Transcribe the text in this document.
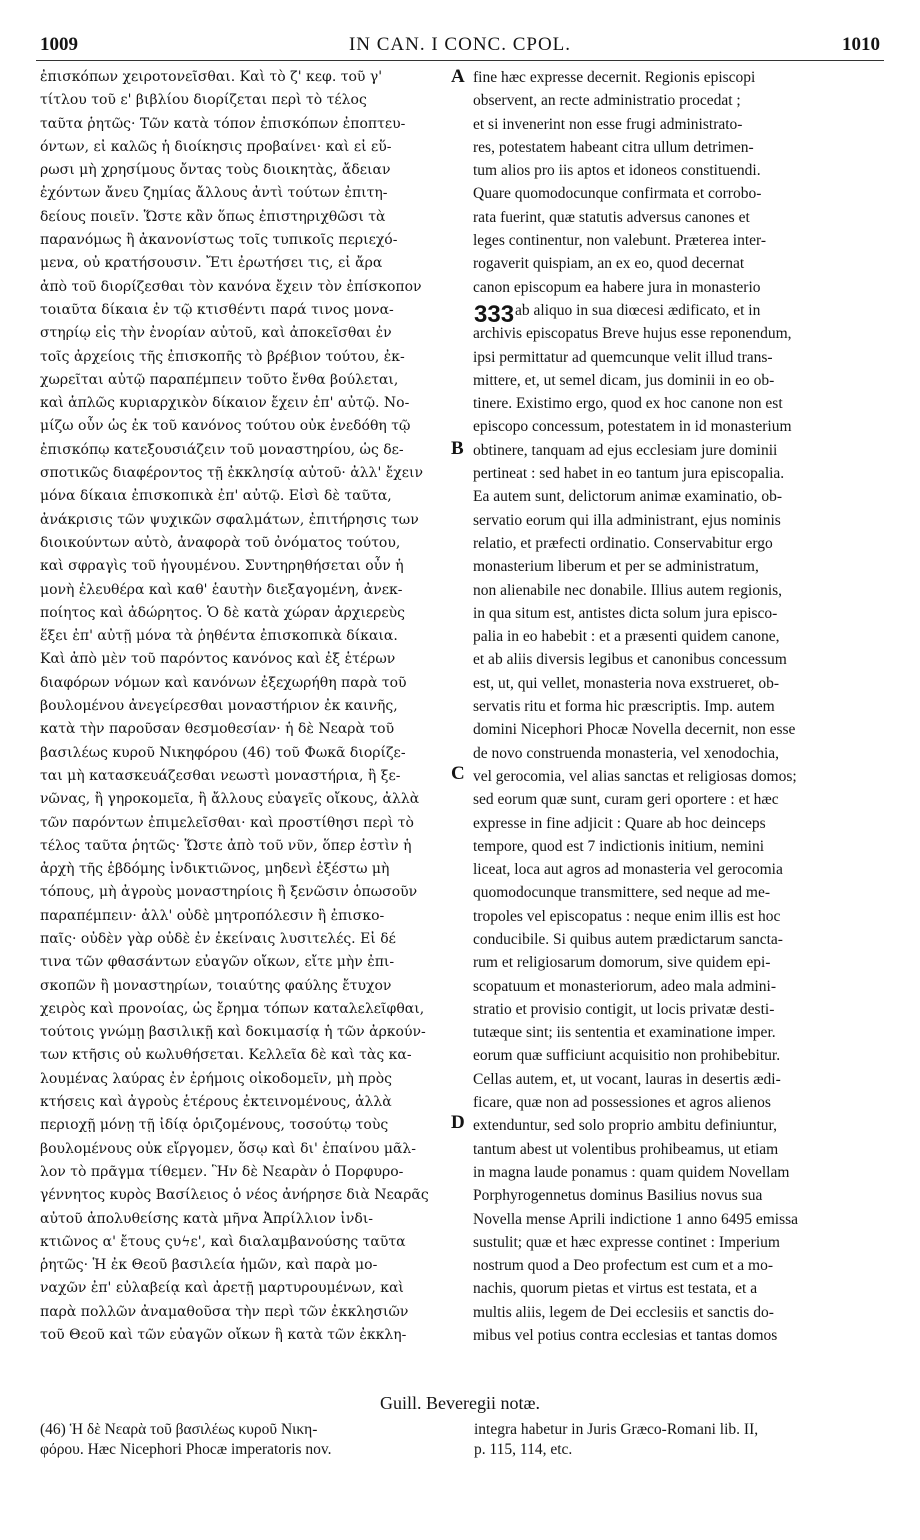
1009	IN CAN. I CONC. CPOL.	1010
ἐπισκόπων χειροτονεῖσθαι. Καὶ τὸ ζ' κεφ. τοῦ γ'
τίτλου τοῦ ε' βιβλίου διορίζεται περὶ τὸ τέλος
ταῦτα ῥητῶς· Τῶν κατὰ τόπον ἐπισκόπων ἐποπτευ-
όντων, εἰ καλῶς ἡ διοίκησις προβαίνει· καὶ εἰ εὕ-
ρωσι μὴ χρησίμους ὄντας τοὺς διοικητὰς, ἄδειαν
ἐχόντων ἄνευ ζημίας ἄλλους ἀντὶ τούτων ἐπιτη-
δείους ποιεῖν. Ὥστε κἂν ὅπως ἐπιστηριχθῶσι τὰ
παρανόμως ἢ ἀκανονίστως τοῖς τυπικοῖς περιεχό-
μενα, οὐ κρατήσουσιν. Ἔτι ἐρωτήσει τις, εἰ ἄρα
ἀπὸ τοῦ διορίζεσθαι τὸν κανόνα ἔχειν τὸν ἐπίσκοπον
τοιαῦτα δίκαια ἐν τῷ κτισθέντι παρά τινος μονα-
στηρίῳ εἰς τὴν ἐνορίαν αὐτοῦ, καὶ ἀποκεῖσθαι ἐν
τοῖς ἀρχείοις τῆς ἐπισκοπῆς τὸ βρέβιον τούτου, ἐκ-
χωρεῖται αὐτῷ παραπέμπειν τοῦτο ἔνθα βούλεται,
καὶ ἁπλῶς κυριαρχικὸν δίκαιον ἔχειν ἐπ' αὐτῷ. Νο-
μίζω οὖν ὡς ἐκ τοῦ κανόνος τούτου οὐκ ἐνεδόθη τῷ
ἐπισκόπῳ κατεξουσιάζειν τοῦ μοναστηρίου, ὡς δε-
σποτικῶς διαφέροντος τῇ ἐκκλησίᾳ αὐτοῦ· ἀλλ' ἔχειν
μόνα δίκαια ἐπισκοπικὰ ἐπ' αὐτῷ. Εἰσὶ δὲ ταῦτα,
ἀνάκρισις τῶν ψυχικῶν σφαλμάτων, ἐπιτήρησις των
διοικούντων αὐτὸ, ἀναφορὰ τοῦ ὀνόματος τούτου,
καὶ σφραγὶς τοῦ ἡγουμένου. Συντηρηθήσεται οὖν ἡ
μονὴ ἐλευθέρα καὶ καθ' ἑαυτὴν διεξαγομένη, ἀνεκ-
ποίητος καὶ ἀδώρητος. Ὁ δὲ κατὰ χώραν ἀρχιερεὺς
ἕξει ἐπ' αὐτῇ μόνα τὰ ῥηθέντα ἐπισκοπικὰ δίκαια.
Καὶ ἀπὸ μὲν τοῦ παρόντος κανόνος καὶ ἐξ ἑτέρων
διαφόρων νόμων καὶ κανόνων ἐξεχωρήθη παρὰ τοῦ
βουλομένου ἀνεγείρεσθαι μοναστήριον ἐκ καινῆς,
κατὰ τὴν παροῦσαν θεσμοθεσίαν· ἡ δὲ Νεαρὰ τοῦ
βασιλέως κυροῦ Νικηφόρου (46) τοῦ Φωκᾶ διορίζε-
ται μὴ κατασκευάζεσθαι νεωστὶ μοναστήρια, ἢ ξε-
νῶνας, ἢ γηροκομεῖα, ἢ ἄλλους εὐαγεῖς οἴκους, ἀλλὰ
τῶν παρόντων ἐπιμελεῖσθαι· καὶ προστίθησι περὶ τὸ
τέλος ταῦτα ῥητῶς· Ὥστε ἀπὸ τοῦ νῦν, ὅπερ ἐστὶν ἡ
ἀρχὴ τῆς ἑβδόμης ἰνδικτιῶνος, μηδενὶ ἐξέστω μὴ
τόπους, μὴ ἀγροὺς μοναστηρίοις ἢ ξενῶσιν ὁπωσοῦν
παραπέμπειν· ἀλλ' οὐδὲ μητροπόλεσιν ἢ ἐπισκο-
παῖς· οὐδὲν γὰρ οὐδὲ ἐν ἐκείναις λυσιτελές. Εἰ δέ
τινα τῶν φθασάντων εὐαγῶν οἴκων, εἴτε μὴν ἐπι-
σκοπῶν ἢ μοναστηρίων, τοιαύτης φαύλης ἔτυχον
χειρὸς καὶ προνοίας, ὡς ἔρημα τόπων καταλελεῖφθαι,
τούτοις γνώμῃ βασιλικῇ καὶ δοκιμασίᾳ ἡ τῶν ἀρκούν-
των κτῆσις οὐ κωλυθήσεται. Κελλεῖα δὲ καὶ τὰς κα-
λουμένας λαύρας ἐν ἐρήμοις οἰκοδομεῖν, μὴ πρὸς
κτήσεις καὶ ἀγροὺς ἑτέρους ἐκτεινομένους, ἀλλὰ
περιοχῇ μόνῃ τῇ ἰδίᾳ ὁριζομένους, τοσούτῳ τοὺς
βουλομένους οὐκ εἴργομεν, ὅσῳ καὶ δι' ἐπαίνου μᾶλ-
λον τὸ πρᾶγμα τίθεμεν. Ἣν δὲ Νεαρὰν ὁ Πορφυρο-
γέννητος κυρὸς Βασίλειος ὁ νέος ἀνήρησε διὰ Νεαρᾶς
αὐτοῦ ἀπολυθείσης κατὰ μῆνα Ἀπρίλλιον ἰνδι-
κτιῶνος α' ἔτους ςυϟε', καὶ διαλαμβανούσης ταῦτα
ῥητῶς· Ἡ ἐκ Θεοῦ βασιλεία ἡμῶν, καὶ παρὰ μο-
ναχῶν ἐπ' εὐλαβείᾳ καὶ ἀρετῇ μαρτυρουμένων, καὶ
παρὰ πολλῶν ἀναμαθοῦσα τὴν περὶ τῶν ἐκκλησιῶν
τοῦ Θεοῦ καὶ τῶν εὐαγῶν οἴκων ἣ κατὰ τῶν ἐκκλη-
fine hæc expresse decernit. Regionis episcopi
observent, an recte administratio procedat ;
et si invenerint non esse frugi administrato-
res, potestatem habeant citra ullum detrimen-
tum alios pro iis aptos et idoneos constituendi.
Quare quomodocunque confirmata et corrobo-
rata fuerint, quæ statutis adversus canones et
leges continentur, non valebunt. Præterea inter-
rogaverit quispiam, an ex eo, quod decernat
canon episcopum ea habere jura in monasterio
ab aliquo in sua diœcesi ædificato, et in
archivis episcopatus Breve hujus esse reponendum,
ipsi permittatur ad quemcunque velit illud trans-
mittere, et, ut semel dicam, jus dominii in eo ob-
tinere. Existimo ergo, quod ex hoc canone non est
episcopo concessum, potestatem in id monasterium
obtinere, tanquam ad ejus ecclesiam jure dominii
pertineat : sed habet in eo tantum jura episcopalia.
Ea autem sunt, delictorum animæ examinatio, ob-
servatio eorum qui illa administrant, ejus nominis
relatio, et præfecti ordinatio. Conservabitur ergo
monasterium liberum et per se administratum,
non alienabile nec donabile. Illius autem regionis,
in qua situm est, antistes dicta solum jura episco-
palia in eo habebit : et a præsenti quidem canone,
et ab aliis diversis legibus et canonibus concessum
est, ut, qui vellet, monasteria nova exstrueret, ob-
servatis ritu et forma hic præscriptis. Imp. autem
domini Nicephori Phocæ Novella decernit, non esse
de novo construenda monasteria, vel xenodochia,
vel gerocomia, vel alias sanctas et religiosas domos;
sed eorum quæ sunt, curam geri oportere : et hæc
expresse in fine adjicit : Quare ab hoc deinceps
tempore, quod est 7 indictionis initium, nemini
liceat, loca aut agros ad monasteria vel gerocomia
quomodocunque transmittere, sed neque ad me-
tropoles vel episcopatus : neque enim illis est hoc
conducibile. Si quibus autem prædictarum sancta-
rum et religiosarum domorum, sive quidem epi-
scopatuum et monasteriorum, adeo mala admini-
stratio et provisio contigit, ut locis privatæ desti-
tutæque sint; iis sententia et examinatione imper.
eorum quæ sufficiunt acquisitio non prohibebitur.
Cellas autem, et, ut vocant, lauras in desertis ædi-
ficare, quæ non ad possessiones et agros alienos
extenduntur, sed solo proprio ambitu definiuntur,
tantum abest ut volentibus prohibeamus, ut etiam
in magna laude ponamus : quam quidem Novellam
Porphyrogennetus dominus Basilius novus sua
Novella mense Aprili indictione 1 anno 6495 emissa
sustulit; quæ et hæc expresse continet : Imperium
nostrum quod a Deo profectum est cum et a mo-
nachis, quorum pietas et virtus est testata, et a
multis aliis, legem de Dei ecclesiis et sanctis do-
mibus vel potius contra ecclesias et tantas domos
A
B
C
D
333
Guill. Beveregii notæ.
(46) Ἡ δὲ Νεαρὰ τοῦ βασιλέως κυροῦ Νικη-
φόρου. Hæc Nicephori Phocæ imperatoris nov.
integra habetur in Juris Græco-Romani lib. II,
p. 115, 114, etc.
